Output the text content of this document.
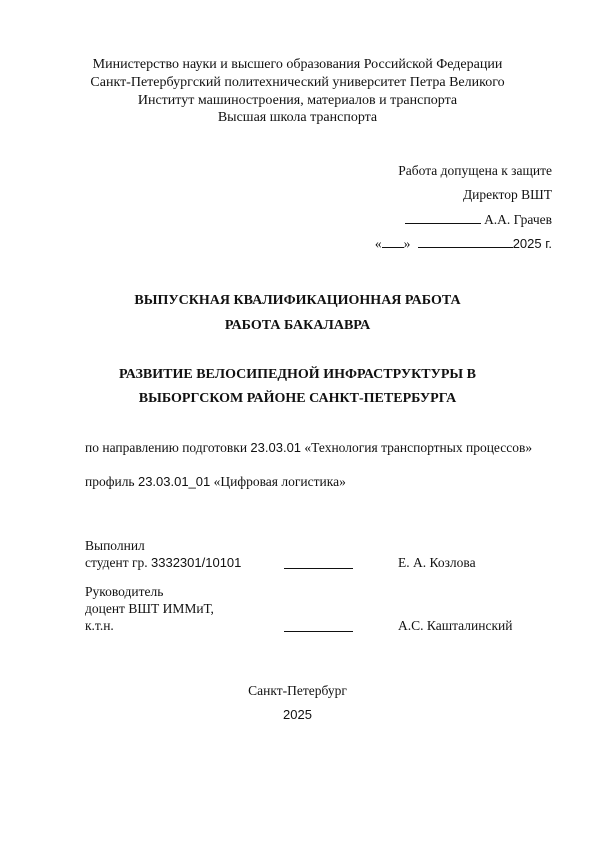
Министерство науки и высшего образования Российской Федерации
Санкт-Петербургский политехнический университет Петра Великого
Институт машиностроения, материалов и транспорта
Высшая школа транспорта
Работа допущена к защите
Директор ВШТ
А.А. Грачев
« »	2025 г.
ВЫПУСКНАЯ КВАЛИФИКАЦИОННАЯ РАБОТА
РАБОТА БАКАЛАВРА
РАЗВИТИЕ ВЕЛОСИПЕДНОЙ ИНФРАСТРУКТУРЫ В
ВЫБОРГСКОМ РАЙОНЕ САНКТ-ПЕТЕРБУРГА
по направлению подготовки 23.03.01 «Технология транспортных процессов»
профиль 23.03.01_01 «Цифровая логистика»
Выполнил
студент гр. 3332301/10101	Е. А. Козлова
Руководитель
доцент ВШТ ИММиТ,
к.т.н.	А.С. Кашталинский
Санкт-Петербург
2025
